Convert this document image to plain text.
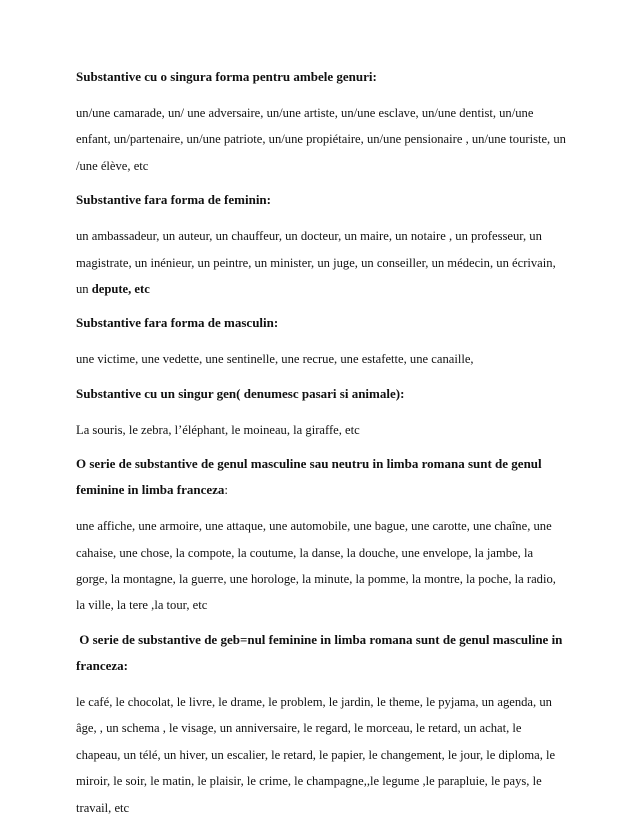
Substantive cu o singura forma pentru ambele genuri:
un/une camarade, un/ une adversaire, un/une artiste, un/une esclave, un/une dentist, un/une
enfant, un/partenaire, un/une patriote, un/une propiétaire, un/une pensionaire , un/une touriste, un
/une élève, etc
Substantive fara forma de feminin:
un ambassadeur, un auteur, un chauffeur, un docteur, un maire, un notaire , un professeur, un
magistrate, un inénieur, un peintre, un minister, un juge, un conseiller, un médecin, un écrivain,
un depute, etc
Substantive fara forma de masculin:
une victime, une vedette, une sentinelle, une recrue, une estafette, une canaille,
Substantive cu un singur gen( denumesc pasari si animale):
La souris, le zebra, l’éléphant, le moineau, la giraffe, etc
O serie de substantive de genul masculine sau neutru in limba romana sunt de genul
feminine in limba franceza:
une affiche, une armoire, une attaque, une automobile, une bague, une carotte, une chaîne, une
cahaise, une chose, la compote, la coutume, la danse, la douche, une envelope, la jambe, la
gorge, la montagne, la guerre, une horologe, la minute, la pomme, la montre, la poche, la radio,
la ville, la tere ,la tour, etc
O serie de substantive de geb=nul feminine in limba romana sunt de genul masculine in
franceza:
le café, le chocolat, le livre, le drame, le problem, le jardin, le theme, le pyjama, un agenda, un
âge, , un schema , le visage, un anniversaire, le regard, le morceau, le retard, un achat, le
chapeau, un télé, un hiver, un escalier, le retard, le papier, le changement, le jour, le diploma, le
miroir, le soir, le matin, le plaisir, le crime, le champagne,,le legume ,le parapluie, le pays, le
travail, etc
